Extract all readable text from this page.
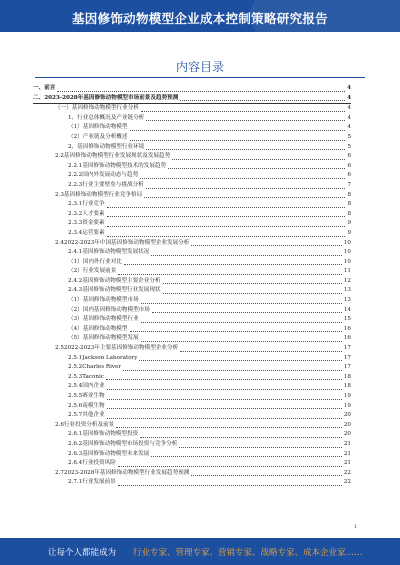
基因修饰动物模型企业成本控制策略研究报告
内容目录
一、 前言	4
二、 2023-2028年基因修饰动物模型市场前景及趋势预测	4
（一）基因修饰动物模型行业分析	4
1、行业总体概况及产业链分析	4
（1）基因修饰动物模型	4
（2）产业链及分析概述	5
2、基因修饰动物模型行业环境	5
2.2 基因修饰动物模型行业发展现状及发展趋势	6
2.2.1 基因修饰动物模型技术的发展趋势	6
2.2.2 国内外发展动态与趋势	6
2.2.3 行业主要壁垒与挑战分析	7
2.3 基因修饰动物模型行业竞争格局	8
2.3.1 行业竞争	8
2.3.2 人才要素	8
2.3.3 资金要素	9
2.3.4 运营要素	9
2.4 2022-2023年中国基因修饰动物模型企业发展分析	10
2.4.1 基因修饰动物模型发展状况	10
（1）国内外行业对比	10
（2）行业发展前景	11
2.4.2 基因修饰动物模型主要企业分析	12
2.4.3 基因修饰动物模型行业发展现状	13
（1）基因修饰动物模型市场	13
（2）国内基因修饰动物模型市场	14
（3）基因修饰动物模型行业	15
（4）基因修饰动物模型	16
（5）基因修饰动物模型发展	16
2.5 2022-2023年主要基因修饰动物模型企业分析	17
2.5.1 Jackson Laboratory	17
2.5.2 Charles River	17
2.5.3 Taconic	18
2.5.4 国内企业	18
2.5.5 赛业生物	19
2.5.6 南模生物	19
2.5.7 其他企业	20
2.6 行业投资分析及前景	20
2.6.1 基因修饰动物模型投资	20
2.6.2 基因修饰动物模型市场投资与竞争分析	21
2.6.3 基因修饰动物模型未来发展	21
2.6.4 行业投资风险	21
2.7 2023-2028年基因修饰动物模型行业发展趋势预测	22
2.7.1 行业发展前景	22
1
让每个人都能成为 行业专家、管理专家、营销专家、战略专家、成本企业家……
